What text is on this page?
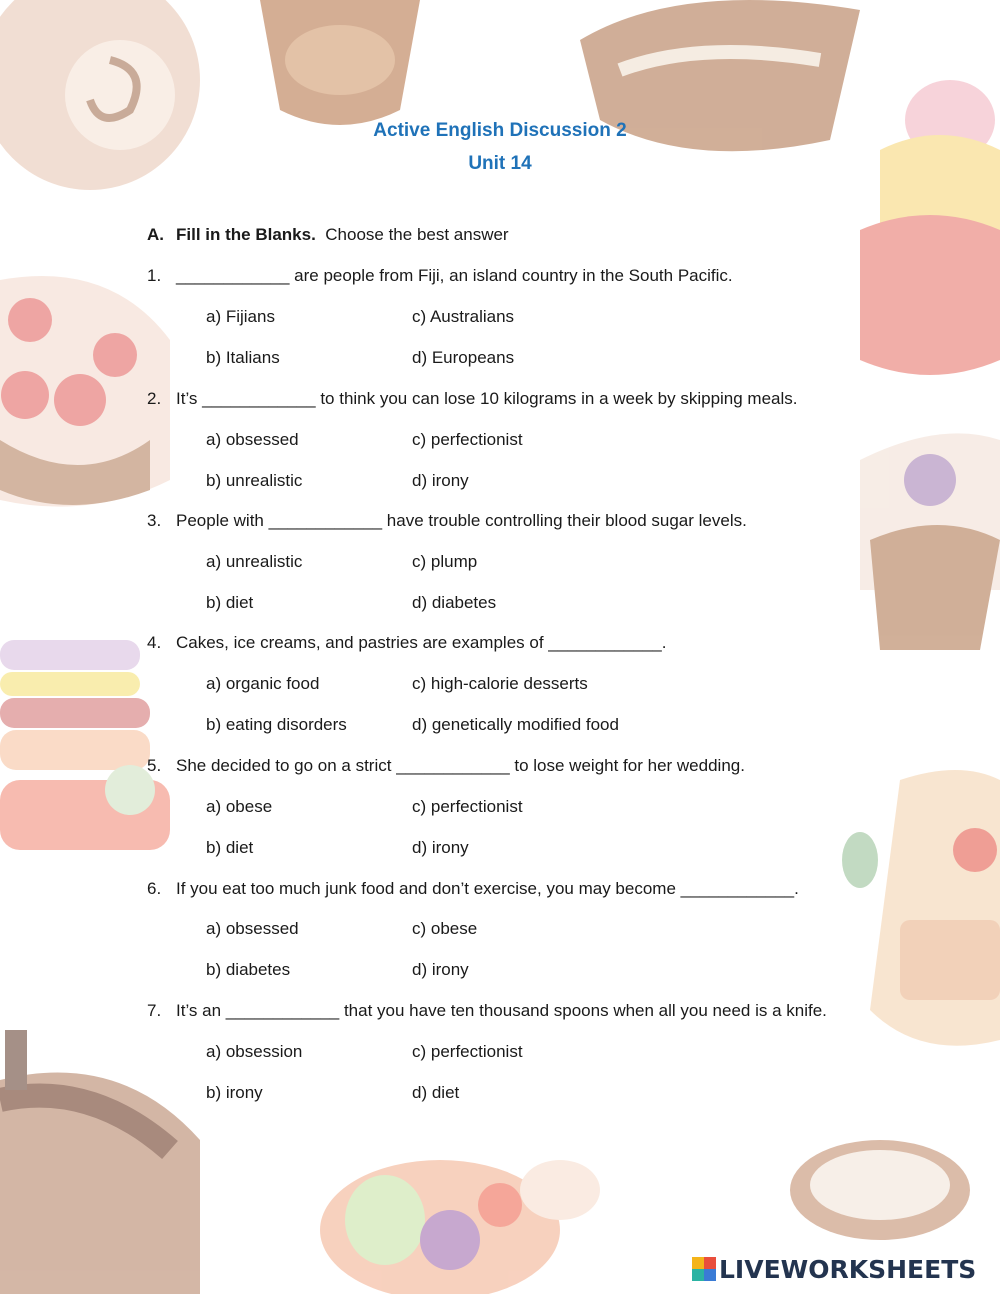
Active English Discussion 2
Unit 14
A. Fill in the Blanks. Choose the best answer
1. ____________ are people from Fiji, an island country in the South Pacific.
a) Fijians	c) Australians
b) Italians	d) Europeans
2. It’s ____________ to think you can lose 10 kilograms in a week by skipping meals.
a) obsessed	c) perfectionist
b) unrealistic	d) irony
3. People with ____________ have trouble controlling their blood sugar levels.
a) unrealistic	c) plump
b) diet	d) diabetes
4. Cakes, ice creams, and pastries are examples of ____________.
a) organic food	c) high-calorie desserts
b) eating disorders	d) genetically modified food
5. She decided to go on a strict ____________ to lose weight for her wedding.
a) obese	c) perfectionist
b) diet	d) irony
6. If you eat too much junk food and don’t exercise, you may become ____________.
a) obsessed	c) obese
b) diabetes	d) irony
7. It’s an ____________ that you have ten thousand spoons when all you need is a knife.
a) obsession	c) perfectionist
b) irony	d) diet
LIVEWORKSHEETS
